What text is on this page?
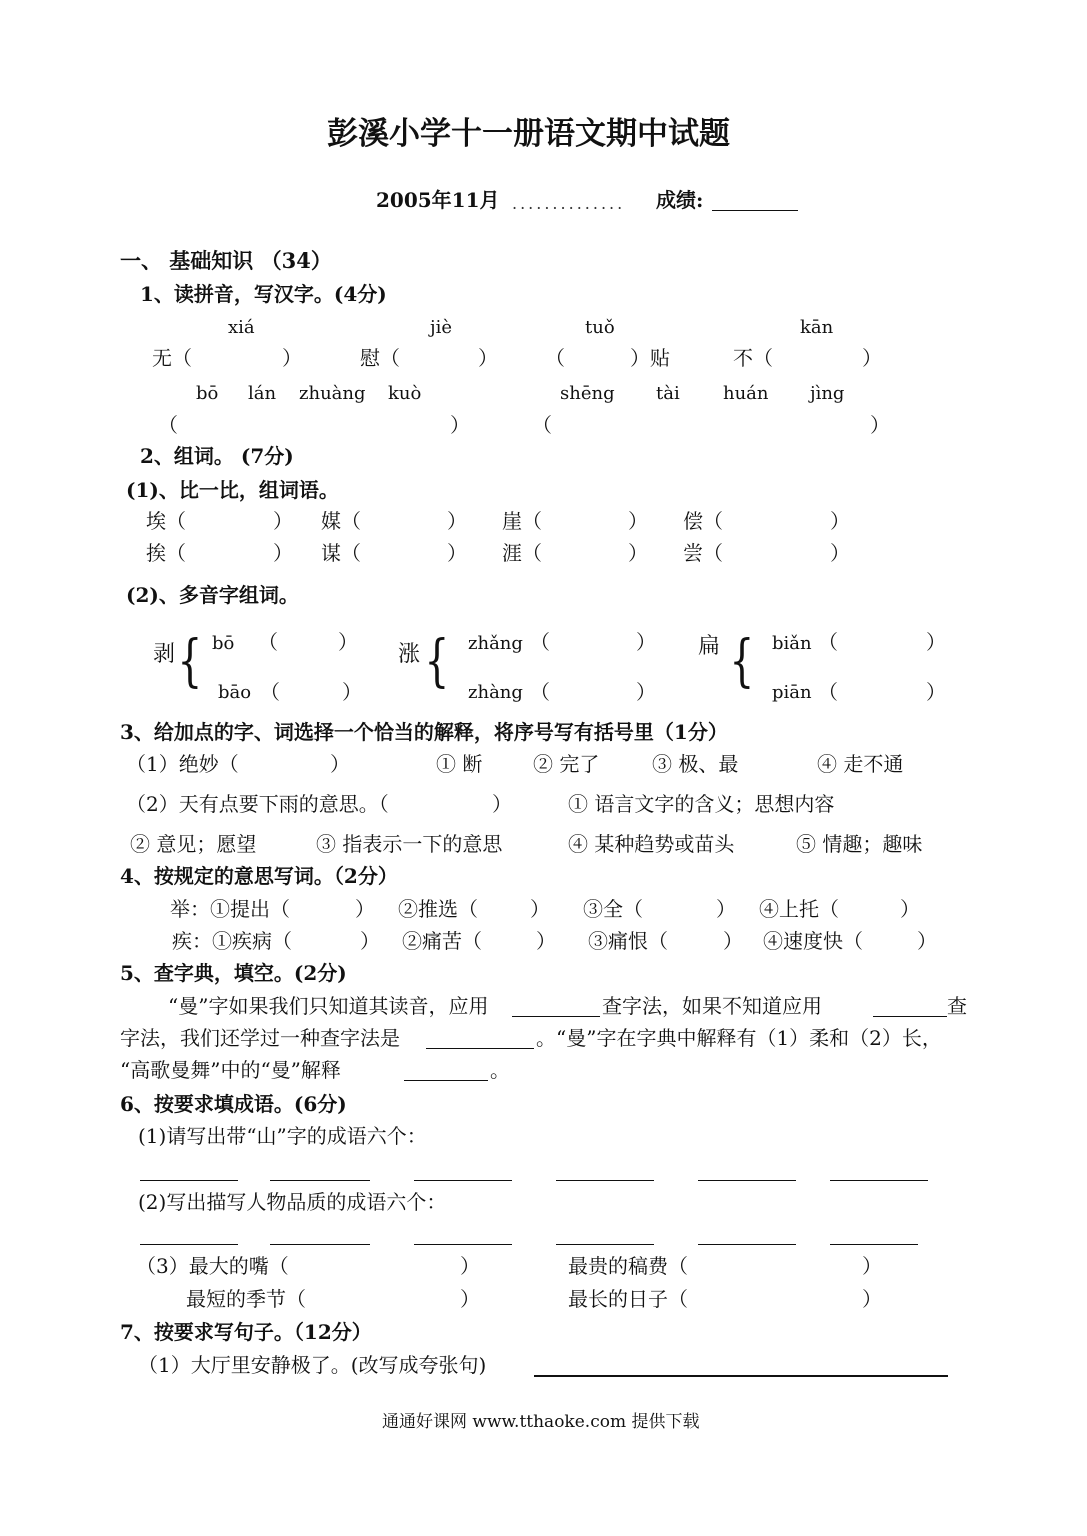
彭溪小学十一册语文期中试题
2005年11月 .............. 成绩:
一、 基础知识 （34）
1、读拼音，写汉字。(4分)
xiá	jiè	tuǒ	kān
无（	）	慰（	） （	）贴	不（	）
bō lán zhuàng kuò	shēng tài huán jìng
（	）	（	）
2、组词。 (7分)
(1)、比一比，组词语。
埃（	） 媒（	） 崖（	） 偿（	）
挨（	） 谋（	） 涯（	） 尝（	）
(2)、多音字组词。
剥 { bō （	）
bāo （	）
涨 { zhǎng （	）
zhàng （	）
扁 { biǎn （	）
piān （	）
3、给加点的字、词选择一个恰当的解释，将序号写有括号里（1分）
（1）绝妙（	）	① 断	② 完了	③ 极、最	④ 走不通
（2）天有点要下雨的意思。（	）	① 语言文字的含义；思想内容
② 意见；愿望	③ 指表示一下的意思	④ 某种趋势或苗头	⑤ 情趣；趣味
4、按规定的意思写词。（2分）
举：①提出（	） ②推选（	） ③全（	） ④上托（	）
疾：①疾病（	） ②痛苦（	） ③痛恨（	） ④速度快（	）
5、查字典，填空。(2分)
“曼”字如果我们只知道其读音，应用	查字法，如果不知道应用	查
字法，我们还学过一种查字法是	。“曼”字在字典中解释有（1）柔和（2）长，
“高歌曼舞”中的“曼”解释	。
6、按要求填成语。(6分)
(1)请写出带“山”字的成语六个：
(2)写出描写人物品质的成语六个：
（3）最大的嘴（	）	最贵的稿费（	）
最短的季节（	）	最长的日子（	）
7、按要求写句子。（12分）
（1）大厅里安静极了。(改写成夸张句)
通通好课网 www.tthaoke.com 提供下载
